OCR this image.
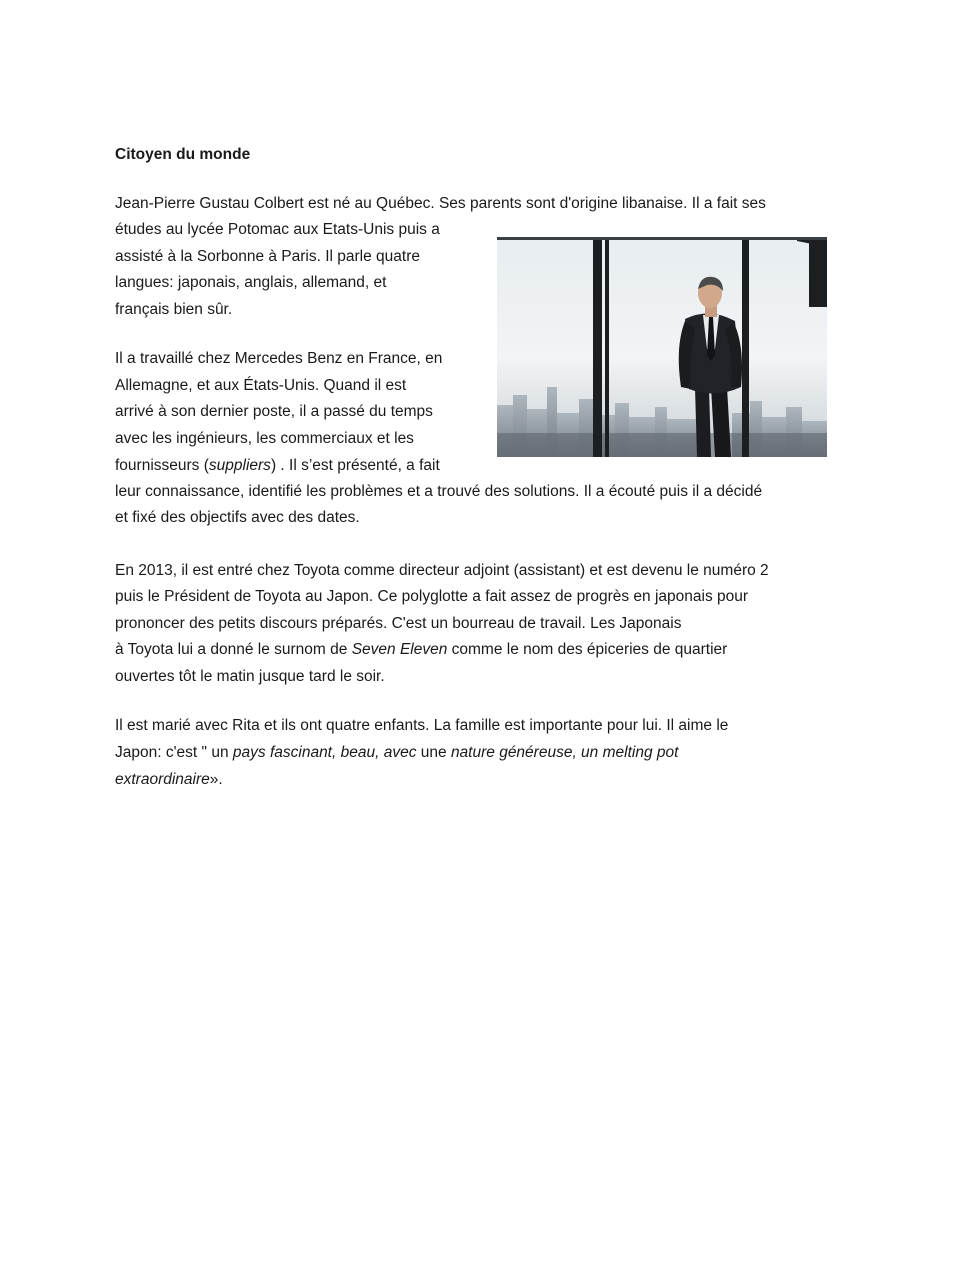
Citoyen du monde

Jean-Pierre Gustau Colbert est né au Québec. Ses parents sont d'origine libanaise. Il a fait ses

études au lycée Potomac aux Etats-Unis puis a

assisté à la Sorbonne à Paris. Il parle quatre

langues: japonais, anglais, allemand, et

français bien sûr.

Il a travaillé chez Mercedes Benz en France, en

Allemagne, et aux États-Unis. Quand il est

arrivé à son dernier poste, il a passé du temps

avec les ingénieurs, les commerciaux et les

fournisseurs (suppliers) . Il s’est présenté, a fait

leur connaissance, identifié les problèmes et a trouvé des solutions. Il a écouté puis il a décidé

et fixé des objectifs avec des dates.

En 2013, il est entré chez Toyota comme directeur adjoint (assistant) et est devenu le numéro 2

puis le Président de Toyota au Japon. Ce polyglotte a fait assez de progrès en japonais pour

prononcer des petits discours préparés. C'est un bourreau de travail. Les Japonais

à Toyota lui a donné le surnom de Seven Eleven comme le nom des épiceries de quartier

ouvertes tôt le matin jusque tard le soir.

Il est marié avec Rita et ils ont quatre enfants. La famille est importante pour lui. Il aime le

Japon: c'est " un pays fascinant, beau, avec une nature généreuse, un melting pot

extraordinaire».
